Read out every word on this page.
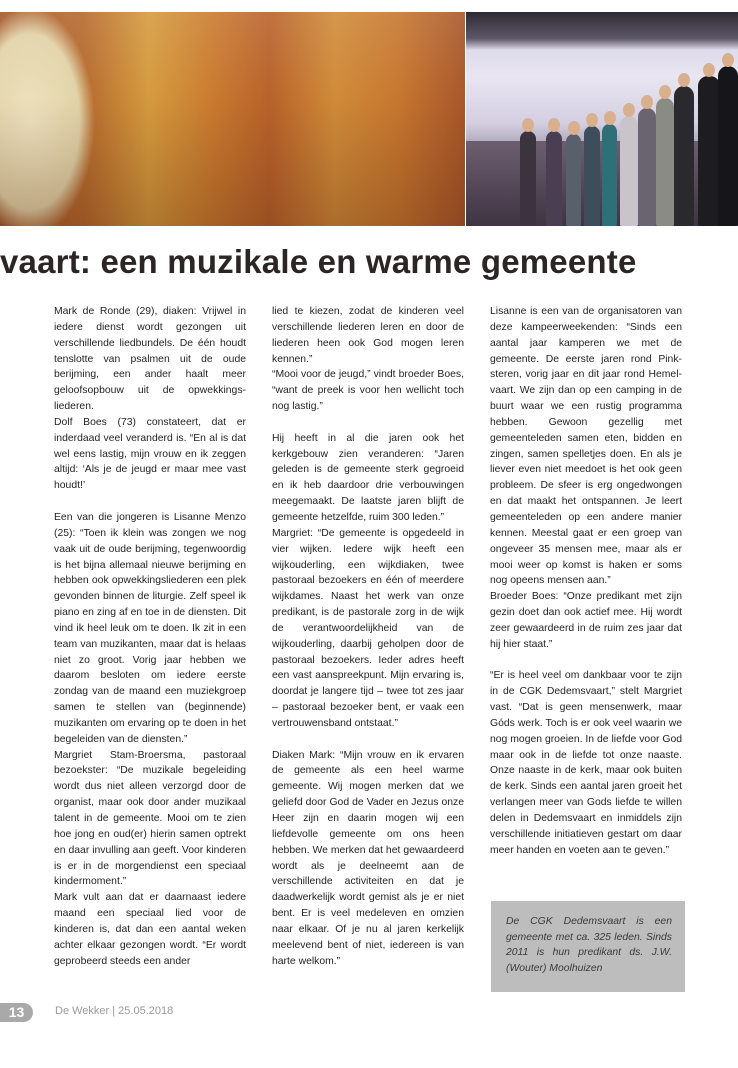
vaart: een muzikale en warme gemeente

Mark de Ronde (29), diaken: Vrijwel in iedere dienst wordt gezongen uit verschillende liedbundels. De één houdt tenslotte van psalmen uit de oude berijming, een ander haalt meer geloofsopbouw uit de opwekkingsliederen.

Dolf Boes (73) constateert, dat er inderdaad veel veranderd is. “En al is dat wel eens lastig, mijn vrouw en ik zeggen altijd: ‘Als je de jeugd er maar mee vast houdt!’

Een van die jongeren is Lisanne Menzo (25): “Toen ik klein was zongen we nog vaak uit de oude berijming, tegenwoordig is het bijna allemaal nieuwe berijming en hebben ook opwekkingsliederen een plek gevonden binnen de liturgie. Zelf speel ik piano en zing af en toe in de diensten. Dit vind ik heel leuk om te doen. Ik zit in een team van muzikanten, maar dat is helaas niet zo groot. Vorig jaar hebben we daarom besloten om iedere eerste zondag van de maand een muziekgroep samen te stellen van (beginnende) muzikanten om ervaring op te doen in het begeleiden van de diensten.”

Margriet Stam-Broersma, pastoraal bezoekster: “De muzikale begeleiding wordt dus niet alleen verzorgd door de organist, maar ook door ander muzikaal talent in de gemeente. Mooi om te zien hoe jong en oud(er) hierin samen optrekt en daar invulling aan geeft. Voor kinderen is er in de morgendienst een speciaal kindermoment.”

Mark vult aan dat er daarnaast iedere maand een speciaal lied voor de kinderen is, dat dan een aantal weken achter elkaar gezongen wordt. “Er wordt geprobeerd steeds een ander

lied te kiezen, zodat de kinderen veel verschillende liederen leren en door de liederen heen ook God mogen leren kennen.”

“Mooi voor de jeugd,” vindt broeder Boes, “want de preek is voor hen wellicht toch nog lastig.”

Hij heeft in al die jaren ook het kerkgebouw zien veranderen: “Jaren geleden is de gemeente sterk gegroeid en ik heb daardoor drie verbouwingen meegemaakt. De laatste jaren blijft de gemeente hetzelfde, ruim 300 leden.”

Margriet: “De gemeente is opgedeeld in vier wijken. Iedere wijk heeft een wijkouderling, een wijkdiaken, twee pastoraal bezoekers en één of meerdere wijkdames. Naast het werk van onze predikant, is de pastorale zorg in de wijk de verantwoordelijkheid van de wijkouderling, daarbij geholpen door de pastoraal bezoekers. Ieder adres heeft een vast aanspreekpunt. Mijn ervaring is, doordat je langere tijd – twee tot zes jaar – pastoraal bezoeker bent, er vaak een vertrouwensband ontstaat.”

Diaken Mark: “Mijn vrouw en ik ervaren de gemeente als een heel warme gemeente. Wij mogen merken dat we geliefd door God de Vader en Jezus onze Heer zijn en daarin mogen wij een liefdevolle gemeente om ons heen hebben. We merken dat het gewaardeerd wordt als je deelneemt aan de verschillende activiteiten en dat je daadwerkelijk wordt gemist als je er niet bent. Er is veel medeleven en omzien naar elkaar. Of je nu al jaren kerkelijk meelevend bent of niet, iedereen is van harte welkom.”

Lisanne is een van de organisatoren van deze kampeerweekenden: “Sinds een aantal jaar kamperen we met de gemeente. De eerste jaren rond Pinksteren, vorig jaar en dit jaar rond Hemelvaart. We zijn dan op een camping in de buurt waar we een rustig programma hebben. Gewoon gezellig met gemeenteleden samen eten, bidden en zingen, samen spelletjes doen. En als je liever even niet meedoet is het ook geen probleem. De sfeer is erg ongedwongen en dat maakt het ontspannen. Je leert gemeenteleden op een andere manier kennen. Meestal gaat er een groep van ongeveer 35 mensen mee, maar als er mooi weer op komst is haken er soms nog opeens mensen aan.”

Broeder Boes: “Onze predikant met zijn gezin doet dan ook actief mee. Hij wordt zeer gewaardeerd in de ruim zes jaar dat hij hier staat.”

“Er is heel veel om dankbaar voor te zijn in de CGK Dedemsvaart,” stelt Margriet vast. “Dat is geen mensenwerk, maar Góds werk. Toch is er ook veel waarin we nog mogen groeien. In de liefde voor God maar ook in de liefde tot onze naaste. Onze naaste in de kerk, maar ook buiten de kerk. Sinds een aantal jaren groeit het verlangen meer van Gods liefde te willen delen in Dedemsvaart en inmiddels zijn verschillende initiatieven gestart om daar meer handen en voeten aan te geven.”

De CGK Dedemsvaart is een gemeente met ca. 325 leden. Sinds 2011 is hun predikant ds. J.W. (Wouter) Moolhuizen

13	De Wekker | 25.05.2018
